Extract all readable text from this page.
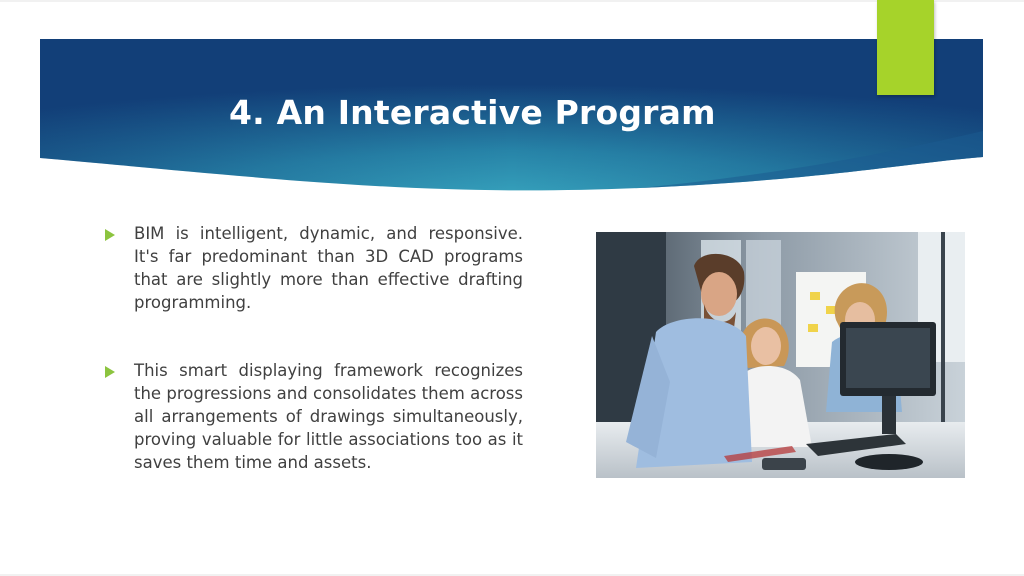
4. An Interactive Program

BIM is intelligent, dynamic, and responsive. It's far predominant than 3D CAD programs that are slightly more than effective drafting programming.

This smart displaying framework recognizes the progressions and consolidates them across all arrangements of drawings simultaneously, proving valuable for little associations too as it saves them time and assets.
